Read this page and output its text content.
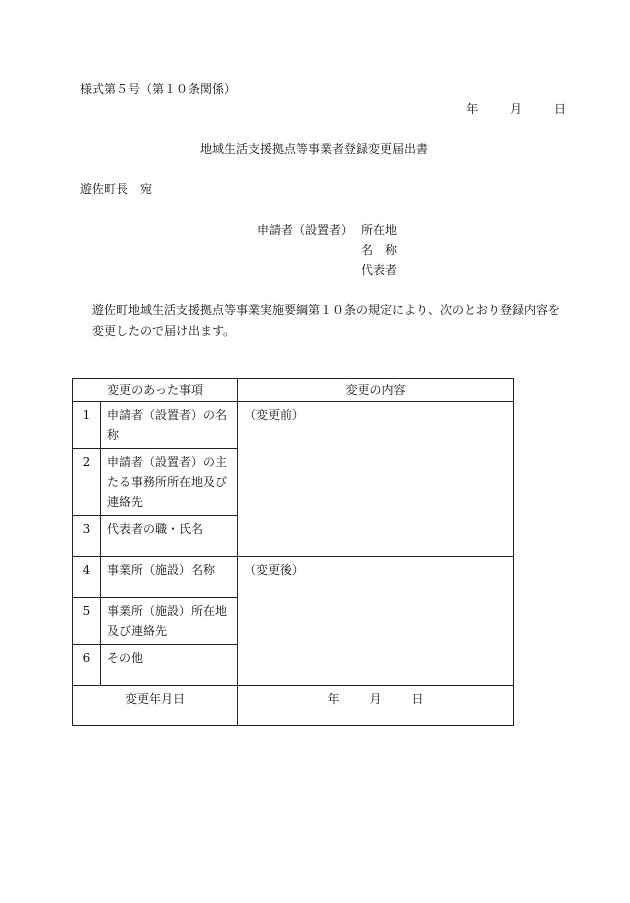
様式第５号（第１０条関係）
年	月	日
地域生活支援拠点等事業者登録変更届出書
遊佐町長　宛
申請者（設置者） 所在地
名　称
代表者
遊佐町地域生活支援拠点等事業実施要綱第１０条の規定により、次のとおり登録内容を変更したので届け出ます。
変更のあった事項		変更の内容
1	申請者（設置者）の名称	（変更前）
2	申請者（設置者）の主たる事務所所在地及び連絡先	
3	代表者の職・氏名	
4	事業所（施設）名称	（変更後）
5	事業所（施設）所在地及び連絡先	
6	その他	
変更年月日		年 月 日
